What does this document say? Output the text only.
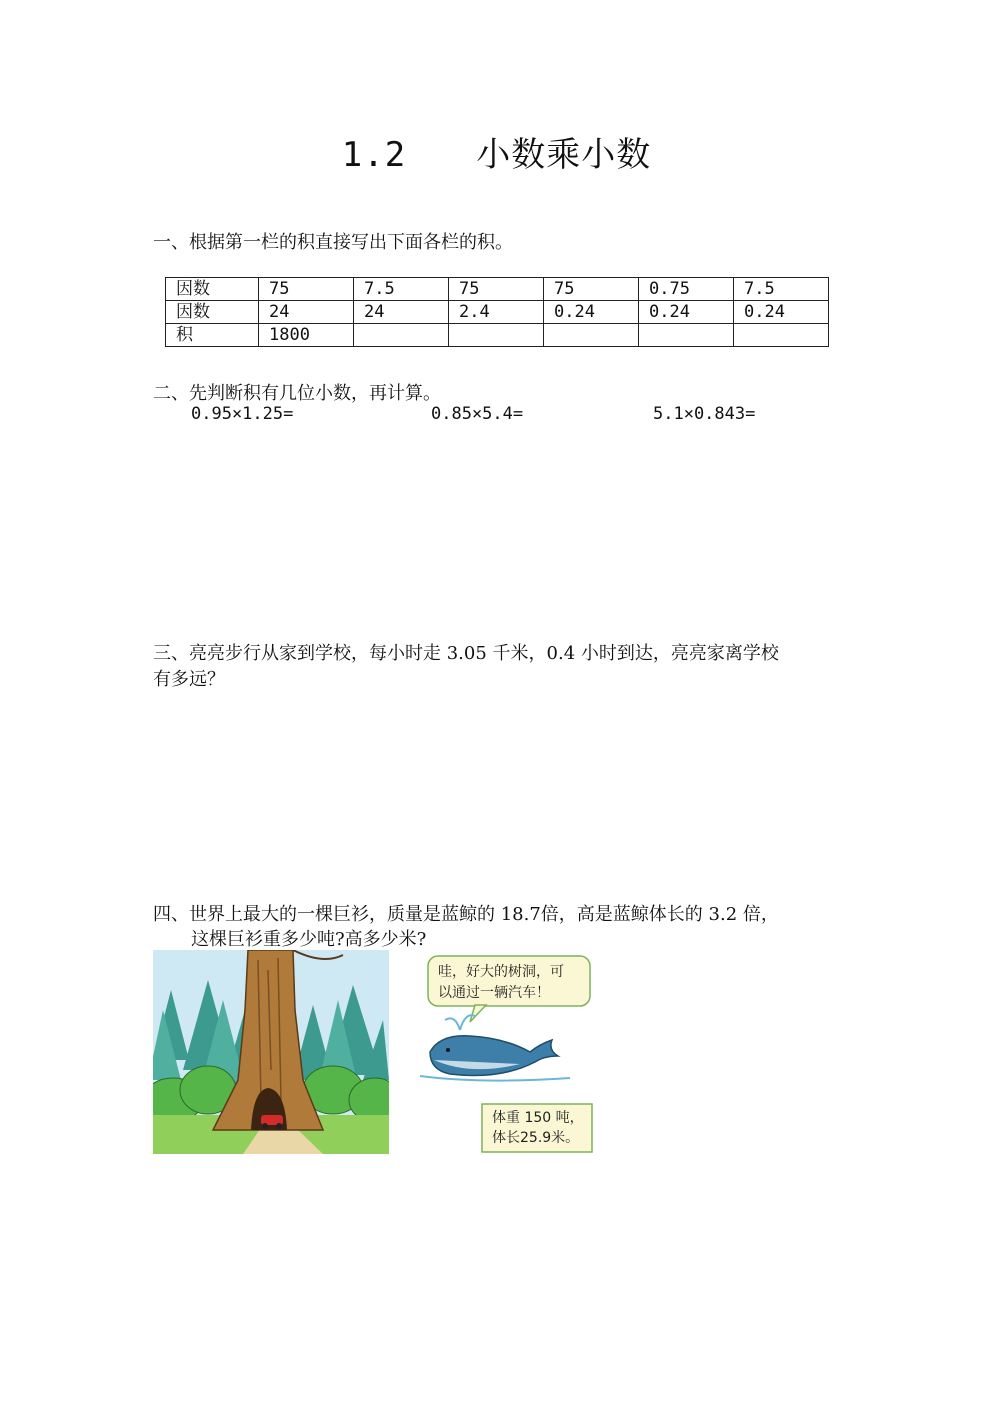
1.2 小数乘小数
一、根据第一栏的积直接写出下面各栏的积。
因数	75	7.5	75	75	0.75	7.5
因数	24	24	2.4	0.24	0.24	0.24
积	1800					
二、先判断积有几位小数，再计算。
0.95×1.25=	0.85×5.4=	5.1×0.843=
三、亮亮步行从家到学校，每小时走 3.05 千米，0.4 小时到达，亮亮家离学校
有多远？
四、世界上最大的一棵巨衫，质量是蓝鲸的 18.7倍，高是蓝鲸体长的 3.2 倍，
这棵巨衫重多少吨?高多少米?
哇，好大的树洞，可
以通过一辆汽车！
体重 150 吨，
体长25.9米。
